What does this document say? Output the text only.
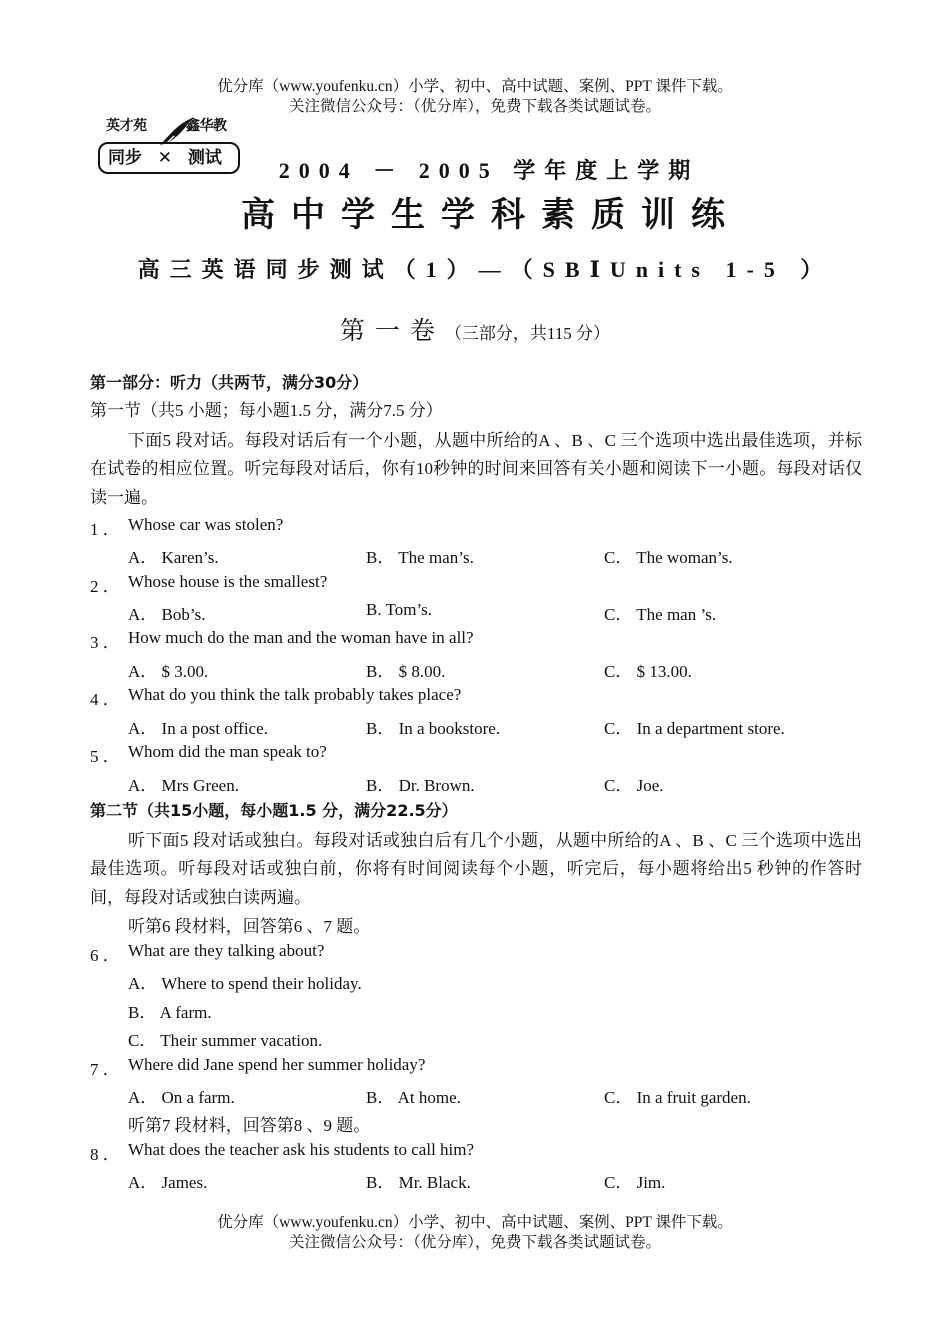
优分库（www.youfenku.cn）小学、初中、高中试题、案例、PPT 课件下载。
关注微信公众号：（优分库），免费下载各类试题试卷。
英才苑	鑫华教
同步 ✕ 测试	2004 － 2005 学年度上学期
高中学生学科素质训练
高三英语同步测试（1）—（SBⅠUnits 1-5 ）
第一卷（三部分，共115 分）
第一部分：听力（共两节，满分30分）
第一节（共5 小题；每小题1.5 分，满分7.5 分）
下面5 段对话。每段对话后有一个小题，从题中所给的A 、B 、C 三个选项中选出最佳选项，并标在试卷的相应位置。听完每段对话后，你有10秒钟的时间来回答有关小题和阅读下一小题。每段对话仅读一遍。
1 ． Whose car was stolen?
A． Karen’s.	B． The man’s.	C． The woman’s.
2 ． Whose house is the smallest?
A． Bob’s.	B. Tom’s.	C． The man ’s.
3 ． How much do the man and the woman have in all?
A． $ 3.00.	B． $ 8.00.	C． $ 13.00.
4 ． What do you think the talk probably takes place?
A． In a post office.	B． In a bookstore.	C． In a department store.
5 ． Whom did the man speak to?
A． Mrs Green.	B． Dr. Brown.	C． Joe.
第二节（共15小题，每小题1.5 分，满分22.5分）
听下面5 段对话或独白。每段对话或独白后有几个小题，从题中所给的A 、B 、C 三个选项中选出最佳选项。听每段对话或独白前，你将有时间阅读每个小题，听完后，每小题将给出5 秒钟的作答时间，每段对话或独白读两遍。
听第6 段材料，回答第6 、7 题。
6 ． What are they talking about?
A． Where to spend their holiday.
B． A farm.
C． Their summer vacation.
7 ． Where did Jane spend her summer holiday?
A． On a farm.	B． At home.	C． In a fruit garden.
听第7 段材料，回答第8 、9 题。
8 ． What does the teacher ask his students to call him?
A． James.	B． Mr. Black.	C． Jim.
优分库（www.youfenku.cn）小学、初中、高中试题、案例、PPT 课件下载。
关注微信公众号：（优分库），免费下载各类试题试卷。
